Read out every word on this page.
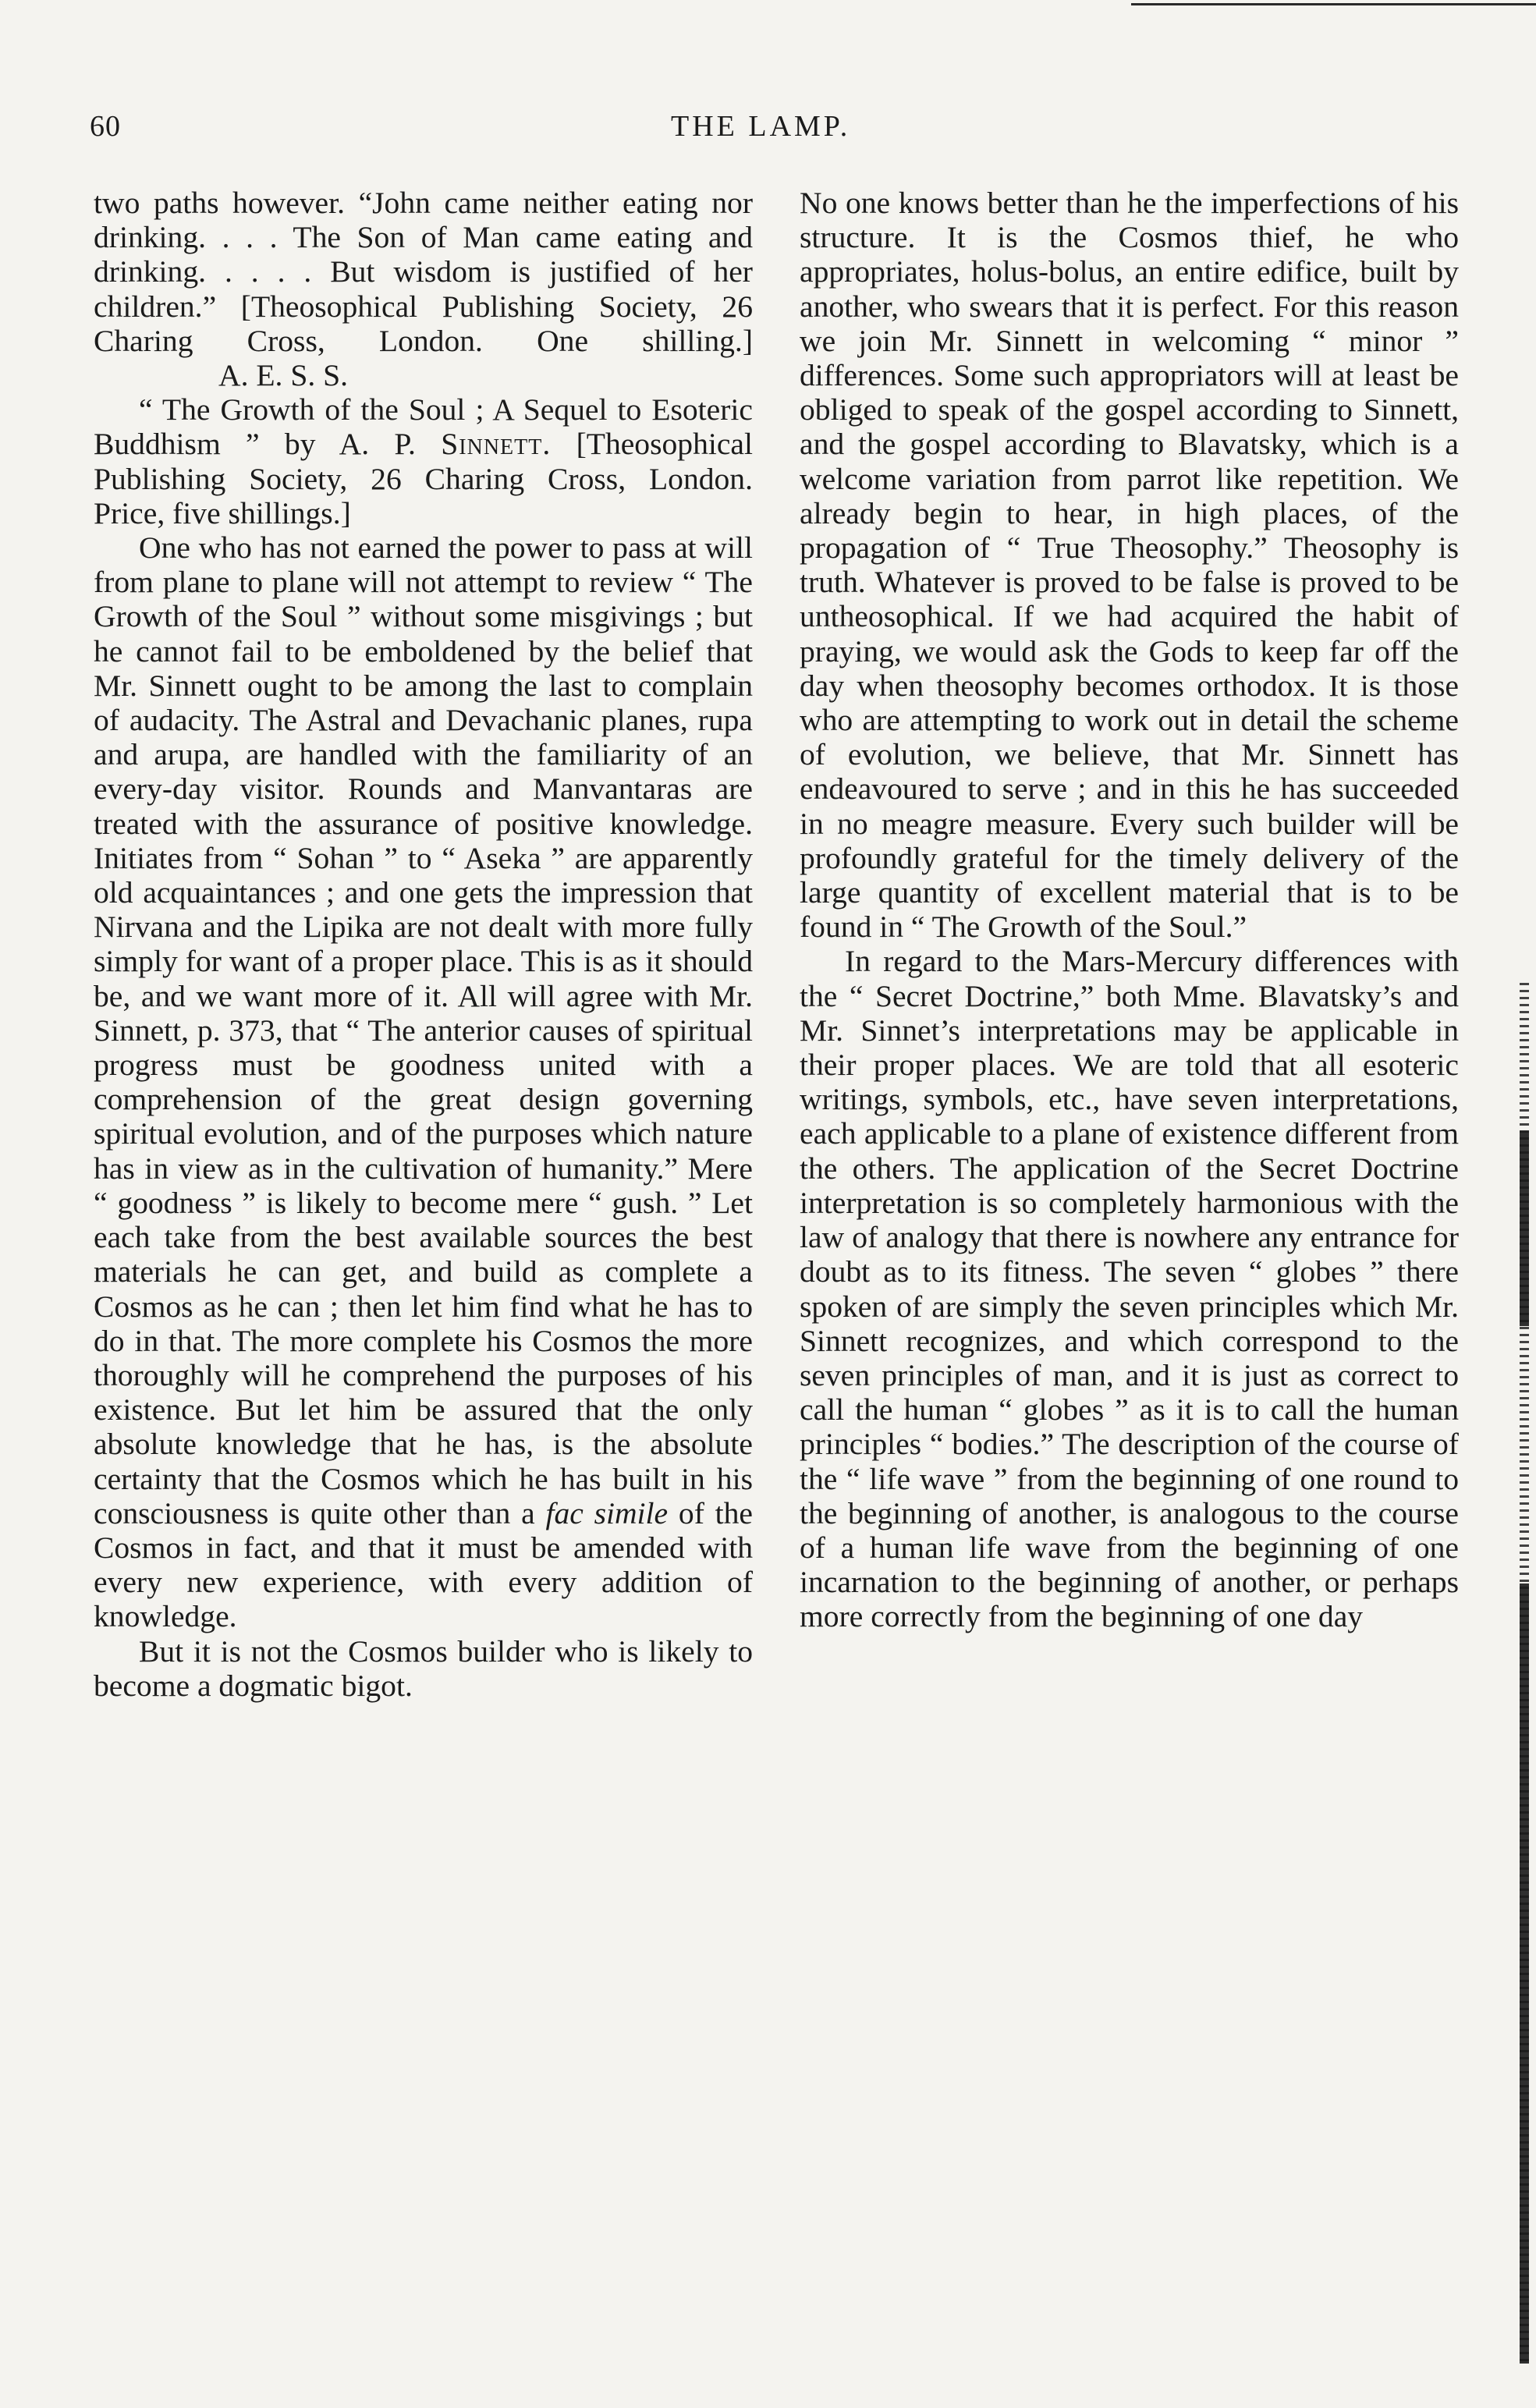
60	THE LAMP.

two paths however. “John came neither eating nor drinking. . . . The Son of Man came eating and drinking. . . . . But wisdom is justified of her children.” [Theosophical Publishing Society, 26 Charing Cross, London. One shilling.]A. E. S. S.

“ The Growth of the Soul ; A Sequel to Esoteric Buddhism ” by A. P. Sinnett. [Theosophical Publishing Society, 26 Charing Cross, London. Price, five shillings.]

One who has not earned the power to pass at will from plane to plane will not attempt to review “ The Growth of the Soul ” without some misgivings ; but he cannot fail to be emboldened by the belief that Mr. Sinnett ought to be among the last to complain of audacity. The Astral and Devachanic planes, rupa and arupa, are handled with the familiarity of an every-day visitor. Rounds and Manvantaras are treated with the assurance of positive knowledge. Initiates from “ Sohan ” to “ Aseka ” are apparently old acquaintances ; and one gets the impression that Nirvana and the Lipika are not dealt with more fully simply for want of a proper place. This is as it should be, and we want more of it. All will agree with Mr. Sinnett, p. 373, that “ The anterior causes of spiritual progress must be goodness united with a comprehension of the great design governing spiritual evolution, and of the purposes which nature has in view as in the cultivation of humanity.” Mere “ goodness ” is likely to become mere “ gush. ” Let each take from the best available sources the best materials he can get, and build as complete a Cosmos as he can ; then let him find what he has to do in that. The more complete his Cosmos the more thoroughly will he comprehend the purposes of his existence. But let him be assured that the only absolute knowledge that he has, is the absolute certainty that the Cosmos which he has built in his consciousness is quite other than a fac simile of the Cosmos in fact, and that it must be amended with every new experience, with every addition of knowledge.

But it is not the Cosmos builder who is likely to become a dogmatic bigot.

No one knows better than he the imperfections of his structure. It is the Cosmos thief, he who appropriates, holus-bolus, an entire edifice, built by another, who swears that it is perfect. For this reason we join Mr. Sinnett in welcoming “ minor ” differences. Some such appropriators will at least be obliged to speak of the gospel according to Sinnett, and the gospel according to Blavatsky, which is a welcome variation from parrot like repetition. We already begin to hear, in high places, of the propagation of “ True Theosophy.” Theosophy is truth. Whatever is proved to be false is proved to be untheosophical. If we had acquired the habit of praying, we would ask the Gods to keep far off the day when theosophy becomes orthodox. It is those who are attempting to work out in detail the scheme of evolution, we believe, that Mr. Sinnett has endeavoured to serve ; and in this he has succeeded in no meagre measure. Every such builder will be profoundly grateful for the timely delivery of the large quantity of excellent material that is to be found in “ The Growth of the Soul.”

In regard to the Mars-Mercury differences with the “ Secret Doctrine,” both Mme. Blavatsky’s and Mr. Sinnet’s interpretations may be applicable in their proper places. We are told that all esoteric writings, symbols, etc., have seven interpretations, each applicable to a plane of existence different from the others. The application of the Secret Doctrine interpretation is so completely harmonious with the law of analogy that there is nowhere any entrance for doubt as to its fitness. The seven “ globes ” there spoken of are simply the seven principles which Mr. Sinnett recognizes, and which correspond to the seven principles of man, and it is just as correct to call the human “ globes ” as it is to call the human principles “ bodies.” The description of the course of the “ life wave ” from the beginning of one round to the beginning of another, is analogous to the course of a human life wave from the beginning of one incarnation to the beginning of another, or perhaps more correctly from the beginning of one day
